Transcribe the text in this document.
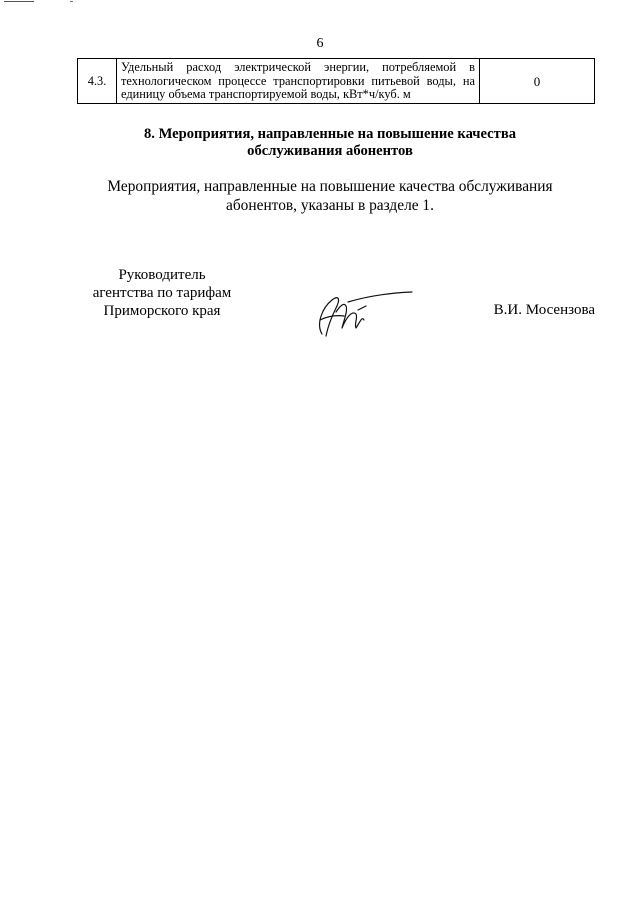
6
4.3.	Удельный расход электрической энергии, потребляемой в технологическом процессе транспортировки питьевой воды, на единицу объема транспортируемой воды, кВт*ч/куб. м	0
8. Мероприятия, направленные на повышение качества обслуживания абонентов
Мероприятия, направленные на повышение качества обслуживания абонентов, указаны в разделе 1.
Руководитель
агентства по тарифам
Приморского края	В.И. Мосензова
